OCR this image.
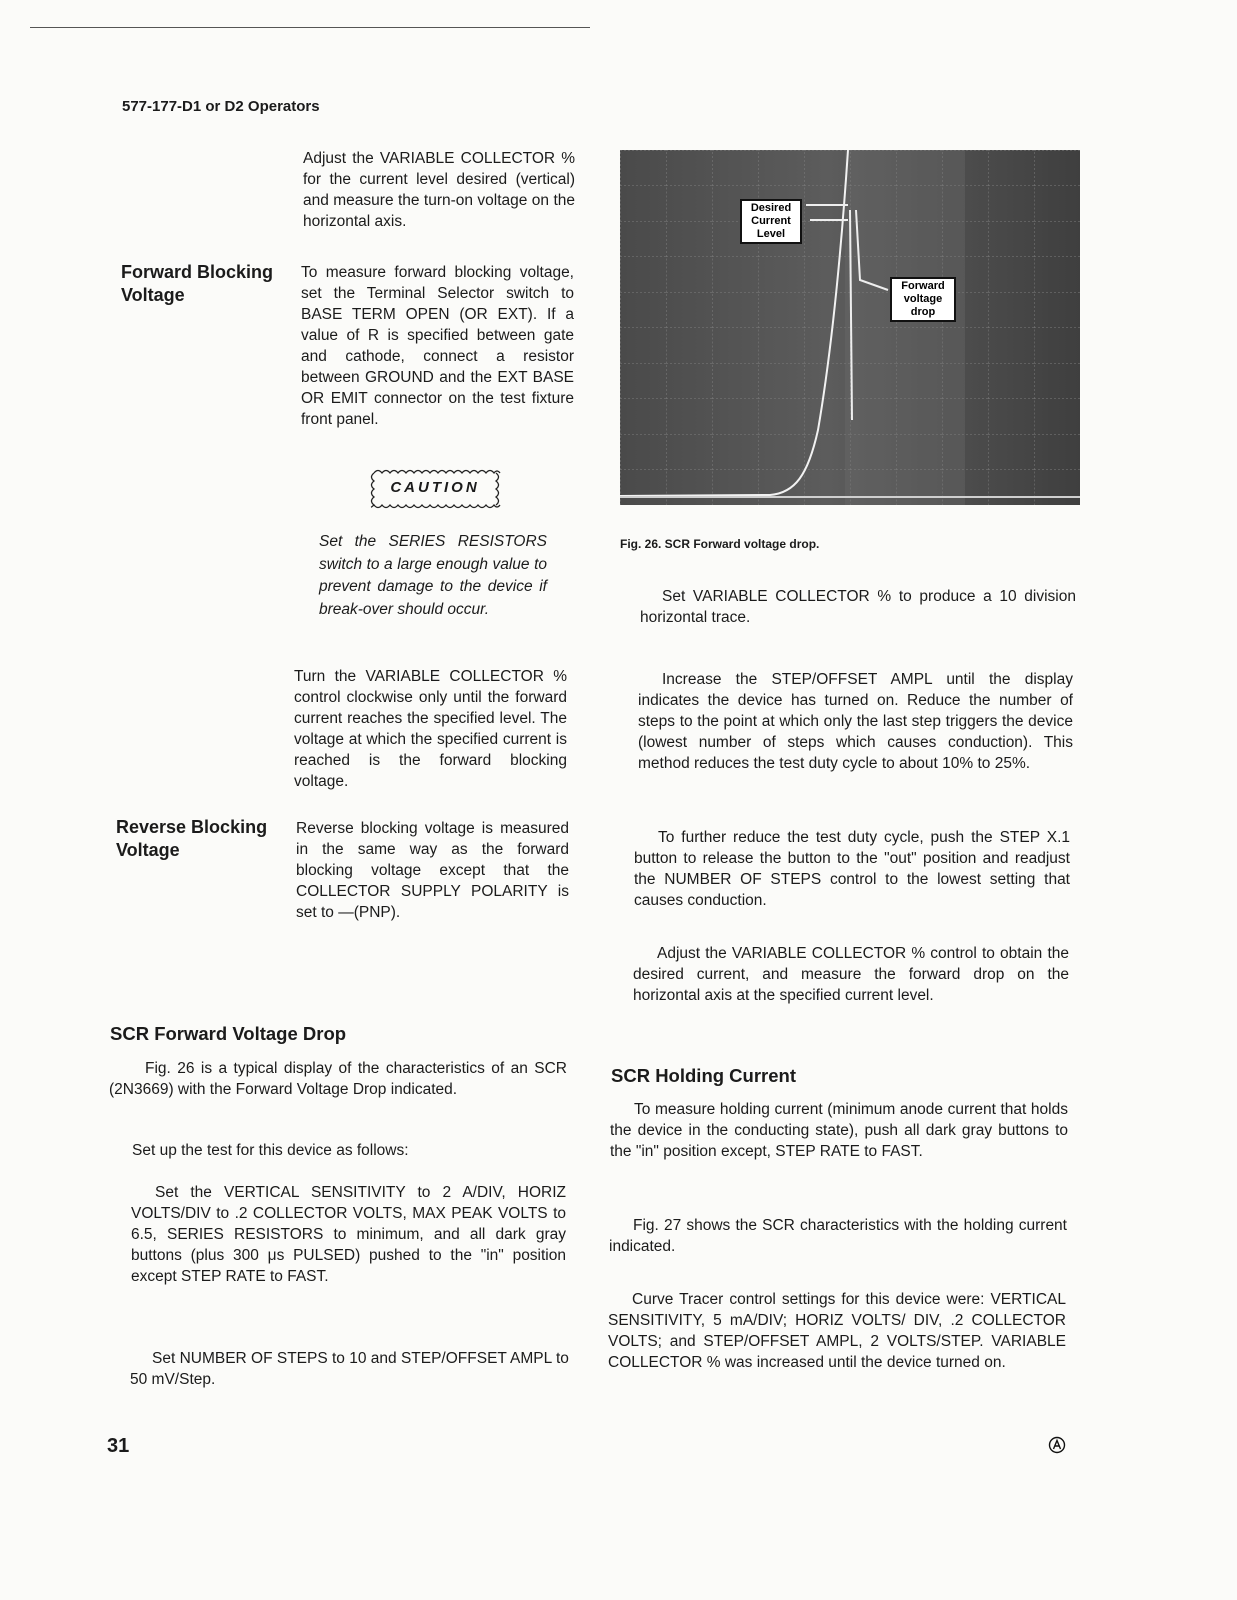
577-177-D1 or D2 Operators

Adjust the VARIABLE COLLECTOR % for the current level desired (vertical) and measure the turn-on voltage on the horizontal axis.

Forward Blocking Voltage

To measure forward blocking voltage, set the Terminal Selector switch to BASE TERM OPEN (OR EXT). If a value of R is specified between gate and cathode, connect a resistor between GROUND and the EXT BASE OR EMIT connector on the test fixture front panel.

CAUTION

Set the SERIES RESISTORS switch to a large enough value to prevent damage to the device if break-over should occur.

Turn the VARIABLE COLLECTOR % control clockwise only until the forward current reaches the specified level. The voltage at which the specified current is reached is the forward blocking voltage.

Reverse Blocking Voltage

Reverse blocking voltage is measured in the same way as the forward blocking voltage except that the COLLECTOR SUPPLY POLARITY is set to —(PNP).

SCR Forward Voltage Drop

Fig. 26 is a typical display of the characteristics of an SCR (2N3669) with the Forward Voltage Drop indicated.

Set up the test for this device as follows:

Set the VERTICAL SENSITIVITY to 2 A/DIV, HORIZ VOLTS/DIV to .2 COLLECTOR VOLTS, MAX PEAK VOLTS to 6.5, SERIES RESISTORS to minimum, and all dark gray buttons (plus 300 μs PULSED) pushed to the "in" position except STEP RATE to FAST.

Set NUMBER OF STEPS to 10 and STEP/OFFSET AMPL to 50 mV/Step.

Desired
Current
Level
Forward
voltage
drop
Fig. 26. SCR Forward voltage drop.

Set VARIABLE COLLECTOR % to produce a 10 division horizontal trace.

Increase the STEP/OFFSET AMPL until the display indicates the device has turned on. Reduce the number of steps to the point at which only the last step triggers the device (lowest number of steps which causes conduction). This method reduces the test duty cycle to about 10% to 25%.

To further reduce the test duty cycle, push the STEP X.1 button to release the button to the "out" position and readjust the NUMBER OF STEPS control to the lowest setting that causes conduction.

Adjust the VARIABLE COLLECTOR % control to obtain the desired current, and measure the forward drop on the horizontal axis at the specified current level.

SCR Holding Current

To measure holding current (minimum anode current that holds the device in the conducting state), push all dark gray buttons to the "in" position except, STEP RATE to FAST.

Fig. 27 shows the SCR characteristics with the holding current indicated.

Curve Tracer control settings for this device were: VERTICAL SENSITIVITY, 5 mA/DIV; HORIZ VOLTS/ DIV, .2 COLLECTOR VOLTS; and STEP/OFFSET AMPL, 2 VOLTS/STEP. VARIABLE COLLECTOR % was increased until the device turned on.

31
